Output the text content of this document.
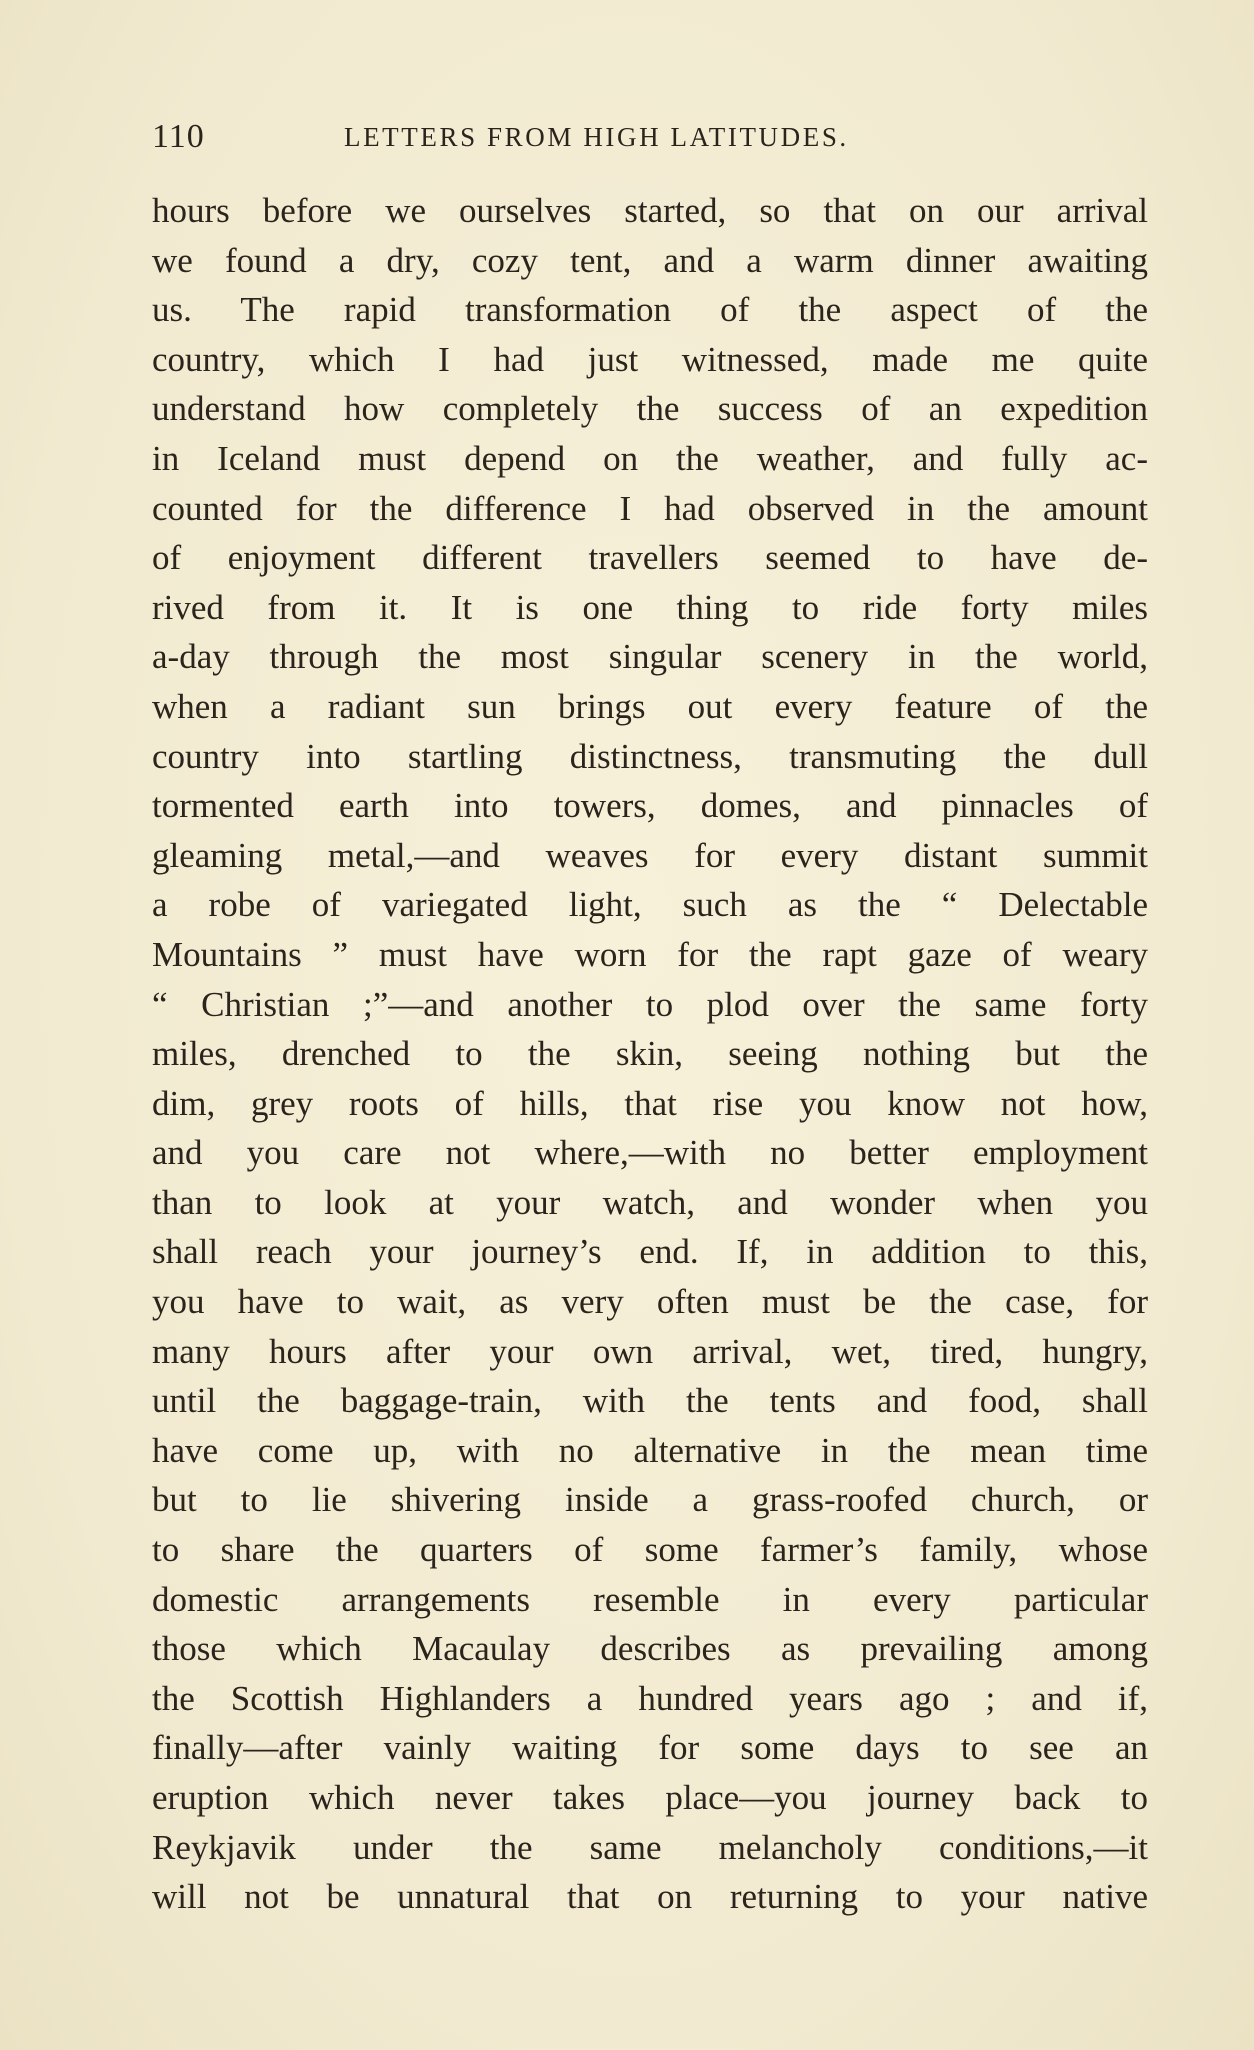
110	LETTERS FROM HIGH LATITUDES.
hours before we ourselves started, so that on our arrival
we found a dry, cozy tent, and a warm dinner awaiting
us. The rapid transformation of the aspect of the
country, which I had just witnessed, made me quite
understand how completely the success of an expedition
in Iceland must depend on the weather, and fully ac-
counted for the difference I had observed in the amount
of enjoyment different travellers seemed to have de-
rived from it. It is one thing to ride forty miles
a-day through the most singular scenery in the world,
when a radiant sun brings out every feature of the
country into startling distinctness, transmuting the dull
tormented earth into towers, domes, and pinnacles of
gleaming metal,—and weaves for every distant summit
a robe of variegated light, such as the “ Delectable
Mountains ” must have worn for the rapt gaze of weary
“ Christian ;”—and another to plod over the same forty
miles, drenched to the skin, seeing nothing but the
dim, grey roots of hills, that rise you know not how,
and you care not where,—with no better employment
than to look at your watch, and wonder when you
shall reach your journey’s end. If, in addition to this,
you have to wait, as very often must be the case, for
many hours after your own arrival, wet, tired, hungry,
until the baggage-train, with the tents and food, shall
have come up, with no alternative in the mean time
but to lie shivering inside a grass-roofed church, or
to share the quarters of some farmer’s family, whose
domestic arrangements resemble in every particular
those which Macaulay describes as prevailing among
the Scottish Highlanders a hundred years ago ; and if,
finally—after vainly waiting for some days to see an
eruption which never takes place—you journey back to
Reykjavik under the same melancholy conditions,—it
will not be unnatural that on returning to your native
